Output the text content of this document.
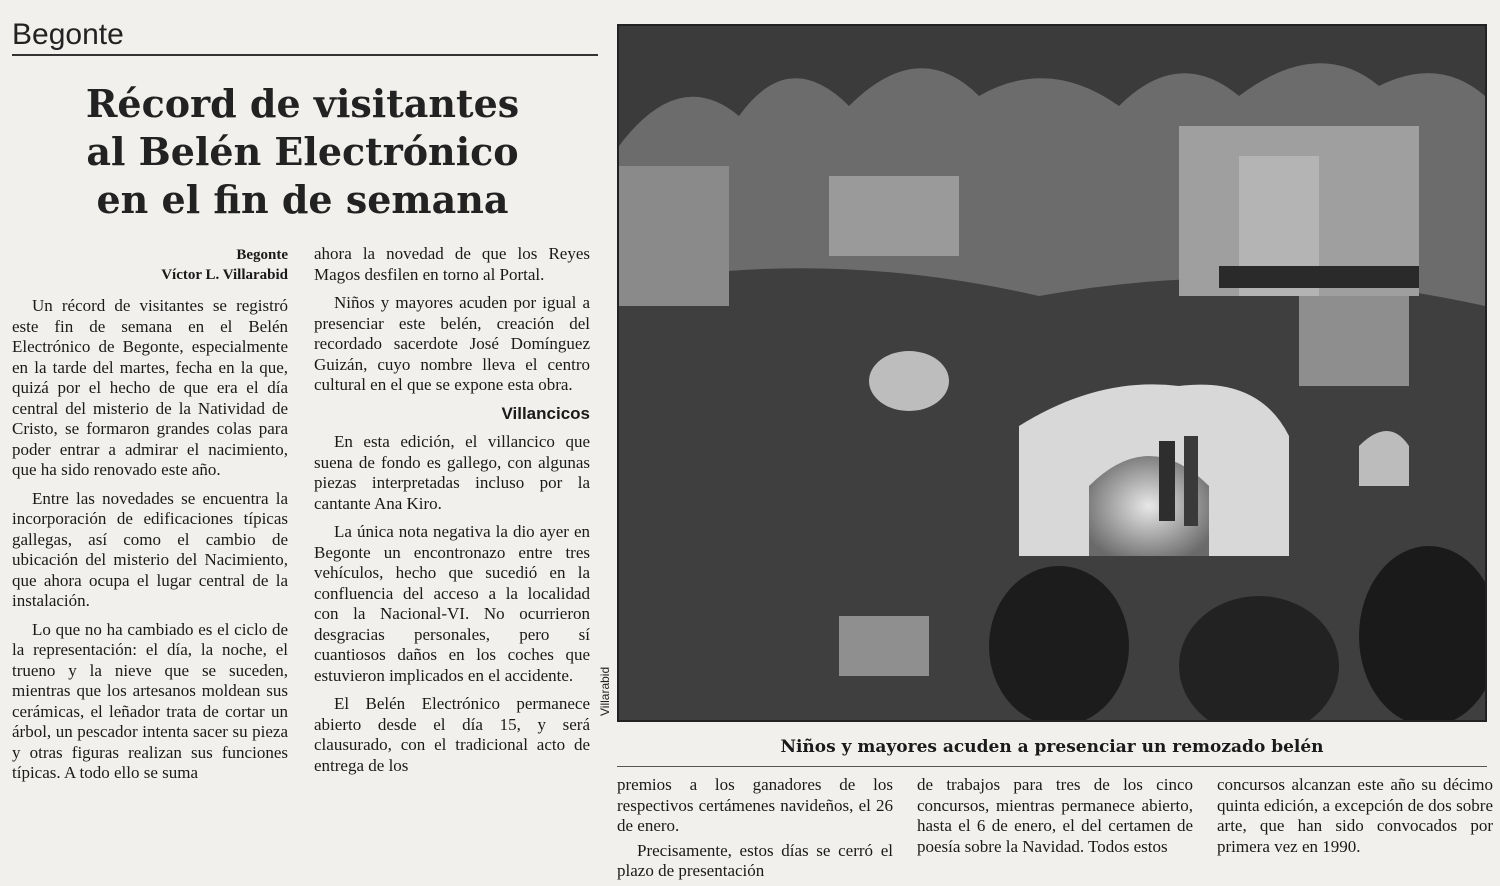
Begonte
Récord de visitantes
al Belén Electrónico
en el fin de semana
Begonte
Víctor L. Villarabid

Un récord de visitantes se registró este fin de semana en el Belén Electrónico de Begonte, especialmente en la tarde del martes, fecha en la que, quizá por el hecho de que era el día central del misterio de la Natividad de Cristo, se formaron grandes colas para poder entrar a admirar el nacimiento, que ha sido renovado este año.

Entre las novedades se encuentra la incorporación de edificaciones típicas gallegas, así como el cambio de ubicación del misterio del Nacimiento, que ahora ocupa el lugar central de la instalación.

Lo que no ha cambiado es el ciclo de la representación: el día, la noche, el trueno y la nieve que se suceden, mientras que los artesanos moldean sus cerámicas, el leñador trata de cortar un árbol, un pescador intenta sacer su pieza y otras figuras realizan sus funciones típicas. A todo ello se suma

ahora la novedad de que los Reyes Magos desfilen en torno al Portal.

Niños y mayores acuden por igual a presenciar este belén, creación del recordado sacerdote José Domínguez Guizán, cuyo nombre lleva el centro cultural en el que se expone esta obra.

Villancicos

En esta edición, el villancico que suena de fondo es gallego, con algunas piezas interpretadas incluso por la cantante Ana Kiro.

La única nota negativa la dio ayer en Begonte un encontronazo entre tres vehículos, hecho que sucedió en la confluencia del acceso a la localidad con la Nacional-VI. No ocurrieron desgracias personales, pero sí cuantiosos daños en los coches que estuvieron implicados en el accidente.

El Belén Electrónico permanece abierto desde el día 15, y será clausurado, con el tradicional acto de entrega de los

Villarabid
Niños y mayores acuden a presenciar un remozado belén

premios a los ganadores de los respectivos certámenes navideños, el 26 de enero.

Precisamente, estos días se cerró el plazo de presentación

de trabajos para tres de los cinco concursos, mientras permanece abierto, hasta el 6 de enero, el del certamen de poesía sobre la Navidad. Todos estos

concursos alcanzan este año su décimo quinta edición, a excepción de dos sobre arte, que han sido convocados por primera vez en 1990.
